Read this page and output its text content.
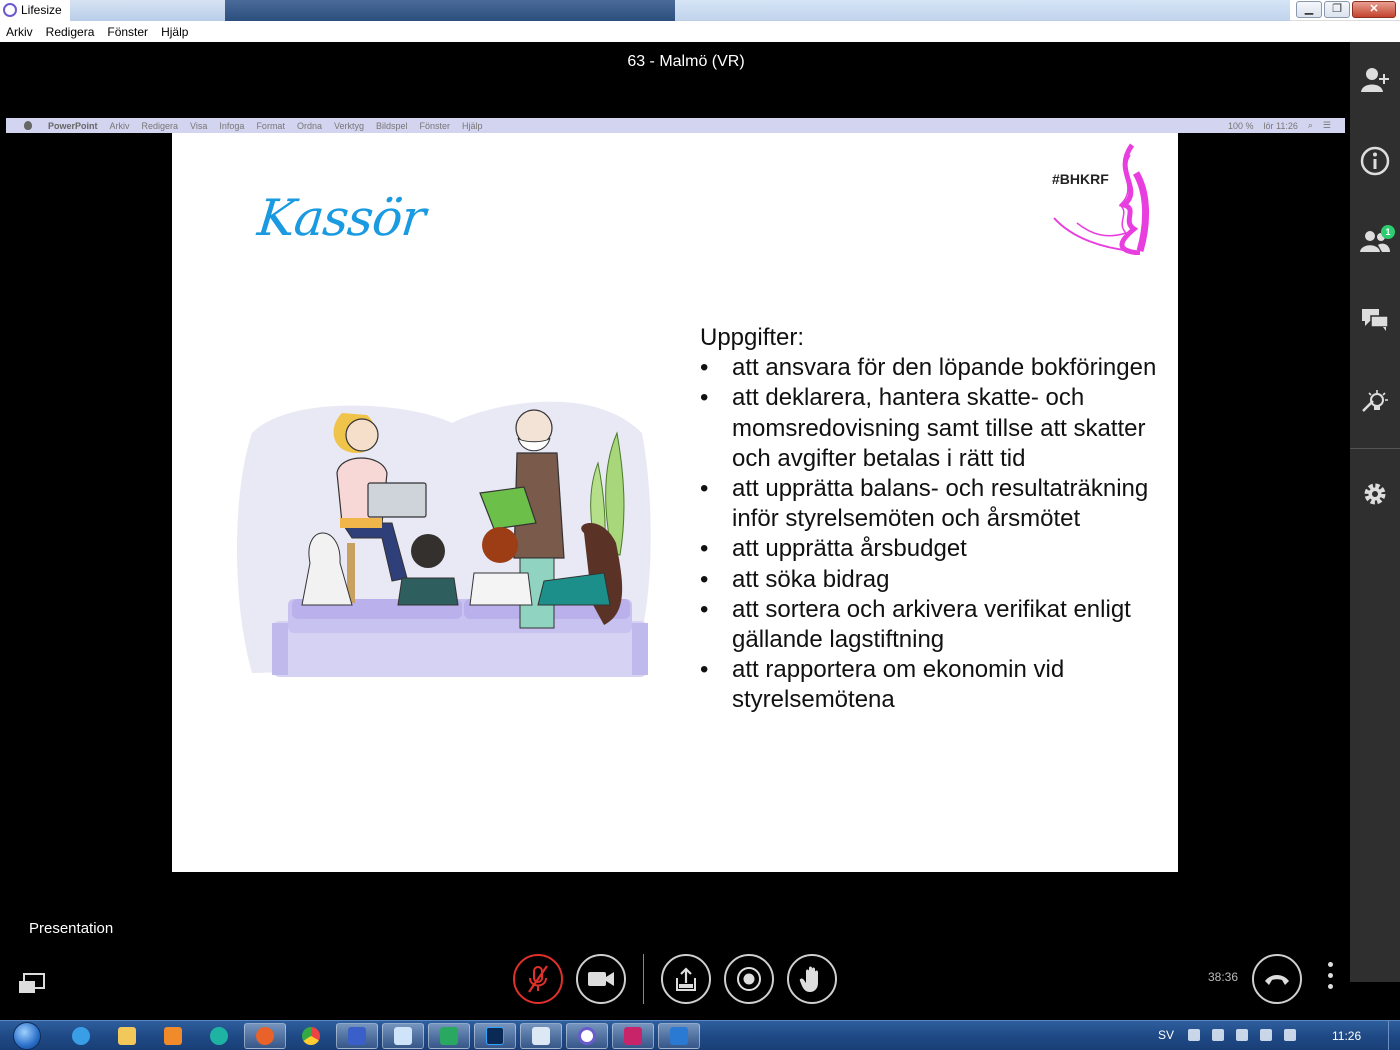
Lifesize	▁	❐	✕
Arkiv Redigera Fönster Hjälp
63 - Malmö (VR)
PowerPoint Arkiv Redigera Visa Infoga Format Ordna Verktyg Bildspel Fönster Hjälp	100 % lör 11:26 ⌕ ☰
Kassör
#BHKRF
Uppgifter:
• att ansvara för den löpande bokföringen
• att deklarera, hantera skatte- och momsredovisning samt tillse att skatter och avgifter betalas i rätt tid
• att upprätta balans- och resultaträkning inför styrelsemöten och årsmötet
• att upprätta årsbudget
• att söka bidrag
• att sortera och arkivera verifikat enligt gällande lagstiftning
• att rapportera om ekonomin vid styrelsemötena
1
Presentation
38:36
SV	11:26
